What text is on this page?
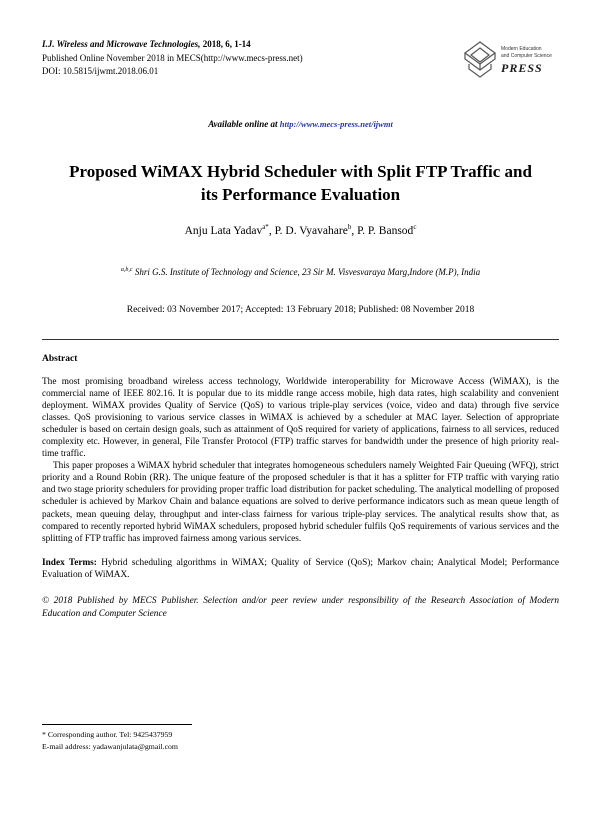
I.J. Wireless and Microwave Technologies, 2018, 6, 1-14
Published Online November 2018 in MECS(http://www.mecs-press.net)
DOI: 10.5815/ijwmt.2018.06.01
Modern Education
and Computer Science
PRESS
Available online at http://www.mecs-press.net/ijwmt
Proposed WiMAX Hybrid Scheduler with Split FTP Traffic and its Performance Evaluation
Anju Lata Yadav$^{a*}$, P. D. Vyavahare$^b$, P. P. Bansod$^c$
$^{a,b,c}$ Shri G.S. Institute of Technology and Science, 23 Sir M. Visvesvaraya Marg,Indore (M.P), India
Received: 03 November 2017; Accepted: 13 February 2018; Published: 08 November 2018
Abstract

The most promising broadband wireless access technology, Worldwide interoperability for Microwave Access (WiMAX), is the commercial name of IEEE 802.16. It is popular due to its middle range access mobile, high data rates, high scalability and convenient deployment. WiMAX provides Quality of Service (QoS) to various triple-play services (voice, video and data) through five service classes. QoS provisioning to various service classes in WiMAX is achieved by a scheduler at MAC layer. Selection of appropriate scheduler is based on certain design goals, such as attainment of QoS required for variety of applications, fairness to all services, reduced complexity etc. However, in general, File Transfer Protocol (FTP) traffic starves for bandwidth under the presence of high priority real-time traffic.

This paper proposes a WiMAX hybrid scheduler that integrates homogeneous schedulers namely Weighted Fair Queuing (WFQ), strict priority and a Round Robin (RR). The unique feature of the proposed scheduler is that it has a splitter for FTP traffic with varying ratio and two stage priority schedulers for providing proper traffic load distribution for packet scheduling. The analytical modelling of proposed scheduler is achieved by Markov Chain and balance equations are solved to derive performance indicators such as mean queue length of packets, mean queuing delay, throughput and inter-class fairness for various triple-play services. The analytical results show that, as compared to recently reported hybrid WiMAX schedulers, proposed hybrid scheduler fulfils QoS requirements of various services and the splitting of FTP traffic has improved fairness among various services.

Index Terms: Hybrid scheduling algorithms in WiMAX; Quality of Service (QoS); Markov chain; Analytical Model; Performance Evaluation of WiMAX.

© 2018 Published by MECS Publisher. Selection and/or peer review under responsibility of the Research Association of Modern Education and Computer Science

* Corresponding author. Tel: 9425437959
E-mail address: yadawanjulata@gmail.com
